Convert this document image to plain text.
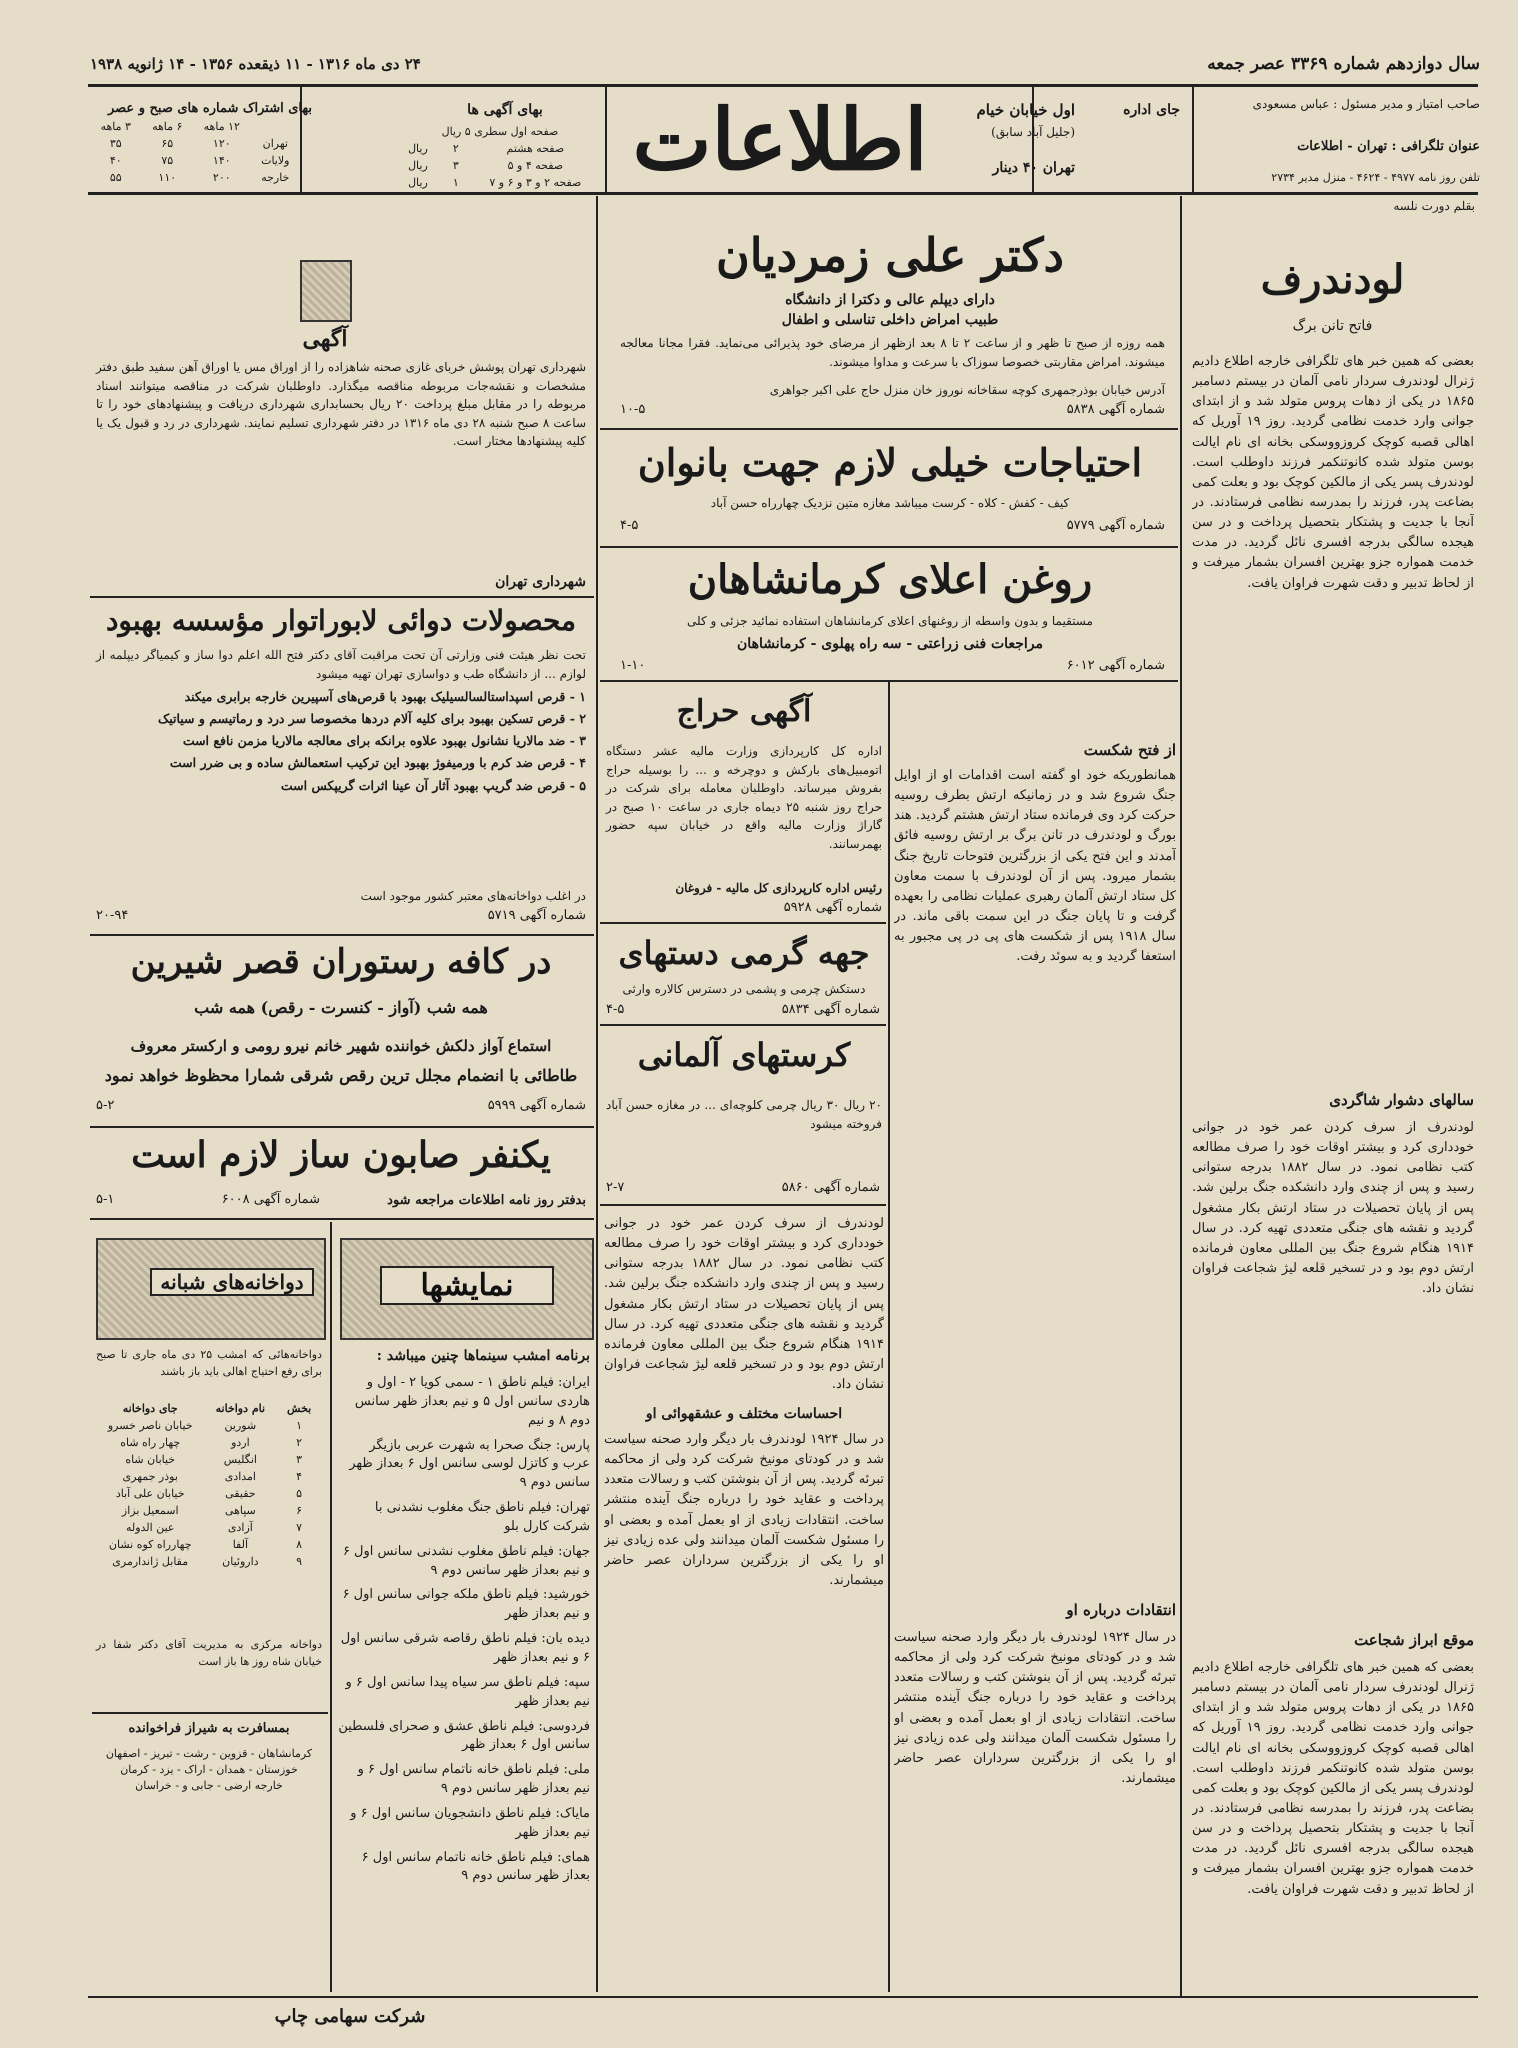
سال دوازدهم شماره ۳۳۶۹ عصر جمعه
۲۴ دی ماه ۱۳۱۶ - ۱۱ ذیقعده ۱۳۵۶ - ۱۴ ژانویه ۱۹۳۸
صاحب امتیاز و مدیر مسئول : عباس مسعودی
عنوان تلگرافی : تهران - اطلاعات
تلفن روز نامه ۴۹۷۷ - ۴۶۲۴ - منزل مدیر ۲۷۳۴
جای اداره
اول خیابان خیام
(جلیل آباد سابق)
تهران ۴۰ دینار
اطلاعات
بهای آگهی ها
صفحه اول سطری ۵ ریال
صفحه هشتم	۲	ریال
صفحه ۴ و ۵	۳	ریال
صفحه ۲ و ۳ و ۶ و ۷	۱	ریال
بهای اشتراک شماره های صبح و عصر
	۱۲ ماهه	۶ ماهه	۳ ماهه
تهران	۱۲۰	۶۵	۳۵
ولایات	۱۴۰	۷۵	۴۰
خارجه	۲۰۰	۱۱۰	۵۵
بقلم دورت نلسه
لودندرف
فاتح تانن برگ
بعضی که همین خبر های تلگرافی خارجه اطلاع دادیم ژنرال لودندرف سردار نامی آلمان در بیستم دسامبر ۱۸۶۵ در یکی از دهات پروس متولد شد و از ابتدای جوانی وارد خدمت نظامی گردید. روز ۱۹ آوریل که اهالی قصبه کوچک کروزووسکی بخانه ای نام ایالت بوسن متولد شده کانوتنکمر فرزند داوطلب است. لودندرف پسر یکی از مالکین کوچک بود و بعلت کمی بضاعت پدر، فرزند را بمدرسه نظامی فرستادند. در آنجا با جدیت و پشتکار بتحصیل پرداخت و در سن هیجده سالگی بدرجه افسری نائل گردید. در مدت خدمت همواره جزو بهترین افسران بشمار میرفت و از لحاظ تدبیر و دقت شهرت فراوان یافت.
سالهای دشوار شاگردی
لودندرف از سرف کردن عمر خود در جوانی خودداری کرد و بیشتر اوقات خود را صرف مطالعه کتب نظامی نمود. در سال ۱۸۸۲ بدرجه ستوانی رسید و پس از چندی وارد دانشکده جنگ برلین شد. پس از پایان تحصیلات در ستاد ارتش بکار مشغول گردید و نقشه های جنگی متعددی تهیه کرد. در سال ۱۹۱۴ هنگام شروع جنگ بین المللی معاون فرمانده ارتش دوم بود و در تسخیر قلعه لیژ شجاعت فراوان نشان داد.
موقع ابراز شجاعت
بعضی که همین خبر های تلگرافی خارجه اطلاع دادیم ژنرال لودندرف سردار نامی آلمان در بیستم دسامبر ۱۸۶۵ در یکی از دهات پروس متولد شد و از ابتدای جوانی وارد خدمت نظامی گردید. روز ۱۹ آوریل که اهالی قصبه کوچک کروزووسکی بخانه ای نام ایالت بوسن متولد شده کانوتنکمر فرزند داوطلب است. لودندرف پسر یکی از مالکین کوچک بود و بعلت کمی بضاعت پدر، فرزند را بمدرسه نظامی فرستادند. در آنجا با جدیت و پشتکار بتحصیل پرداخت و در سن هیجده سالگی بدرجه افسری نائل گردید. در مدت خدمت همواره جزو بهترین افسران بشمار میرفت و از لحاظ تدبیر و دقت شهرت فراوان یافت.
دکتر علی زمردیان
دارای دیپلم عالی و دکترا از دانشگاه
طبیب امراض داخلی تناسلی و اطفال
همه روزه از صبح تا ظهر و از ساعت ۲ تا ۸ بعد ازظهر از مرضای خود پذیرائی می‌نماید. فقرا مجانا معالجه میشوند. امراض مقاربتی خصوصا سوزاک با سرعت و مداوا میشوند.
آدرس خیابان بوذرجمهری کوچه سقاخانه نوروز خان منزل حاج علی اکبر جواهری
شماره آگهی ۵۸۳۸
۱۰-۵
احتیاجات خیلی لازم جهت بانوان
کیف - کفش - کلاه - کرست میباشد مغازه متین نزدیک چهارراه حسن آباد
شماره آگهی ۵۷۷۹
۴-۵
روغن اعلای کرمانشاهان
مستقیما و بدون واسطه از روغنهای اعلای کرمانشاهان استفاده نمائید جزئی و کلی
مراجعات فنی زراعتی - سه راه پهلوی - کرمانشاهان
شماره آگهی ۶۰۱۲
۱-۱۰
آگهی حراج
اداره کل کارپردازی وزارت مالیه عشر دستگاه اتومبیل‌های بارکش و دوچرخه و ... را بوسیله حراج بفروش میرساند. داوطلبان معامله برای شرکت در حراج روز شنبه ۲۵ دیماه جاری در ساعت ۱۰ صبح در گاراژ وزارت مالیه واقع در خیابان سپه حضور بهمرسانند.
رئیس اداره کارپردازی کل مالیه - فروغان
شماره آگهی ۵۹۲۸
جهه گرمی دستهای
دستکش چرمی و پشمی در دسترس کالاره وارثی
شماره آگهی ۵۸۳۴
۴-۵
کرستهای آلمانی
۲۰ ریال ۳۰ ریال چرمی کلوچه‌ای ... در مغازه حسن آباد فروخته میشود
شماره آگهی ۵۸۶۰
۲-۷
از فتح شکست
همانطوریکه خود او گفته است اقدامات او از اوایل جنگ شروع شد و در زمانیکه ارتش بطرف روسیه حرکت کرد وی فرمانده ستاد ارتش هشتم گردید. هند بورگ و لودندرف در تانن برگ بر ارتش روسیه فائق آمدند و این فتح یکی از بزرگترین فتوحات تاریخ جنگ بشمار میرود. پس از آن لودندرف با سمت معاون کل ستاد ارتش آلمان رهبری عملیات نظامی را بعهده گرفت و تا پایان جنگ در این سمت باقی ماند. در سال ۱۹۱۸ پس از شکست های پی در پی مجبور به استعفا گردید و به سوئد رفت.
انتقادات درباره او
در سال ۱۹۲۴ لودندرف بار دیگر وارد صحنه سیاست شد و در کودتای مونیخ شرکت کرد ولی از محاکمه تبرئه گردید. پس از آن بنوشتن کتب و رسالات متعدد پرداخت و عقاید خود را درباره جنگ آینده منتشر ساخت. انتقادات زیادی از او بعمل آمده و بعضی او را مسئول شکست آلمان میدانند ولی عده زیادی نیز او را یکی از بزرگترین سرداران عصر حاضر میشمارند.
لودندرف از سرف کردن عمر خود در جوانی خودداری کرد و بیشتر اوقات خود را صرف مطالعه کتب نظامی نمود. در سال ۱۸۸۲ بدرجه ستوانی رسید و پس از چندی وارد دانشکده جنگ برلین شد. پس از پایان تحصیلات در ستاد ارتش بکار مشغول گردید و نقشه های جنگی متعددی تهیه کرد. در سال ۱۹۱۴ هنگام شروع جنگ بین المللی معاون فرمانده ارتش دوم بود و در تسخیر قلعه لیژ شجاعت فراوان نشان داد.
احساسات مختلف و عشقهوائی او
در سال ۱۹۲۴ لودندرف بار دیگر وارد صحنه سیاست شد و در کودتای مونیخ شرکت کرد ولی از محاکمه تبرئه گردید. پس از آن بنوشتن کتب و رسالات متعدد پرداخت و عقاید خود را درباره جنگ آینده منتشر ساخت. انتقادات زیادی از او بعمل آمده و بعضی او را مسئول شکست آلمان میدانند ولی عده زیادی نیز او را یکی از بزرگترین سرداران عصر حاضر میشمارند.
آگهی
شهرداری تهران پوشش خربای غازی صحنه شاهزاده را از اوراق مس یا اوراق آهن سفید طبق دفتر مشخصات و نقشه‌جات مربوطه مناقصه میگذارد. داوطلبان شرکت در مناقصه میتوانند اسناد مربوطه را در مقابل مبلغ پرداخت ۲۰ ریال بحسابداری شهرداری دریافت و پیشنهادهای خود را تا ساعت ۸ صبح شنبه ۲۸ دی ماه ۱۳۱۶ در دفتر شهرداری تسلیم نمایند. شهرداری در رد و قبول یک یا کلیه پیشنهادها مختار است.
شهرداری تهران
محصولات دوائی لابوراتوار مؤسسه بهبود
تحت نظر هیئت فنی وزارتی آن تحت مراقبت آقای دکتر فتح الله اعلم دوا ساز و کیمیاگر دیپلمه از لوازم ... از دانشگاه طب و دواسازی تهران تهیه میشود
۱ - قرص اسپداستالسالسیلیک بهبود با قرص‌های آسپیرین خارجه برابری میکند
۲ - قرص تسکین بهبود برای کلیه آلام دردها مخصوصا سر درد و رماتیسم و سیاتیک
۳ - ضد مالاریا نشانول بهبود علاوه برانکه برای معالجه مالاریا مزمن نافع است
۴ - قرص ضد کرم با ورمیفوژ بهبود این ترکیب استعمالش ساده و بی ضرر است
۵ - قرص ضد گریپ بهبود آثار آن عینا اثرات گریپکس است
در اغلب دواخانه‌های معتبر کشور موجود است
شماره آگهی ۵۷۱۹
۲۰-۹۴
در کافه رستوران قصر شیرین
همه شب (آواز - کنسرت - رقص) همه شب
استماع آواز دلکش خواننده شهیر خانم نیرو رومی و ارکستر معروف
طاطائی با انضمام مجلل ترین رقص شرقی شمارا محظوظ خواهد نمود
شماره آگهی ۵۹۹۹
۵-۲
یکنفر صابون ساز لازم است
بدفتر روز نامه اطلاعات مراجعه شود
شماره آگهی ۶۰۰۸
۵-۱
نمایشها
برنامه امشب سینماها چنین میباشد :
ایران: فیلم ناطق ۱ - سمی کویا ۲ - اول و هاردی سانس اول ۵ و نیم بعداز ظهر سانس دوم ۸ و نیم
پارس: جنگ صحرا به شهرت عربی بازیگر عرب و کاتزل لوسی سانس اول ۶ بعداز ظهر سانس دوم ۹
تهران: فیلم ناطق جنگ مغلوب نشدنی با شرکت کارل بلو
جهان: فیلم ناطق مغلوب نشدنی سانس اول ۶ و نیم بعداز ظهر سانس دوم ۹
خورشید: فیلم ناطق ملکه جوانی سانس اول ۶ و نیم بعداز ظهر
دیده بان: فیلم ناطق رقاصه شرقی سانس اول ۶ و نیم بعداز ظهر
سپه: فیلم ناطق سر سیاه پیدا سانس اول ۶ و نیم بعداز ظهر
فردوسی: فیلم ناطق عشق و صحرای فلسطین سانس اول ۶ بعداز ظهر
ملی: فیلم ناطق خانه ناتمام سانس اول ۶ و نیم بعداز ظهر سانس دوم ۹
مایاک: فیلم ناطق دانشجویان سانس اول ۶ و نیم بعداز ظهر
همای: فیلم ناطق خانه ناتمام سانس اول ۶ بعداز ظهر سانس دوم ۹
دواخانه‌های شبانه
دواخانه‌هائی که امشب ۲۵ دی ماه جاری تا صبح برای رفع احتیاج اهالی باید باز باشند
بخش	نام دواخانه	جای دواخانه
۱	شورین	خیابان ناصر خسرو
۲	اردو	چهار راه شاه
۳	انگلیس	خیابان شاه
۴	امدادی	بوذر جمهری
۵	حقیقی	خیابان علی آباد
۶	سپاهی	اسمعیل بزاز
۷	آزادی	عین الدوله
۸	آلفا	چهارراه کوه نشان
۹	داروئیان	مقابل ژاندارمری
دواخانه مرکزی به مدیریت آقای دکتر شفا در خیابان شاه روز ها باز است
بمسافرت به شیراز فراخوانده
کرمانشاهان - قزوین - رشت - تبریز - اصفهان
خوزستان - همدان - اراک - یزد - کرمان
خارجه ارضی - جابی و - خراسان
شرکت سهامی چاپ
